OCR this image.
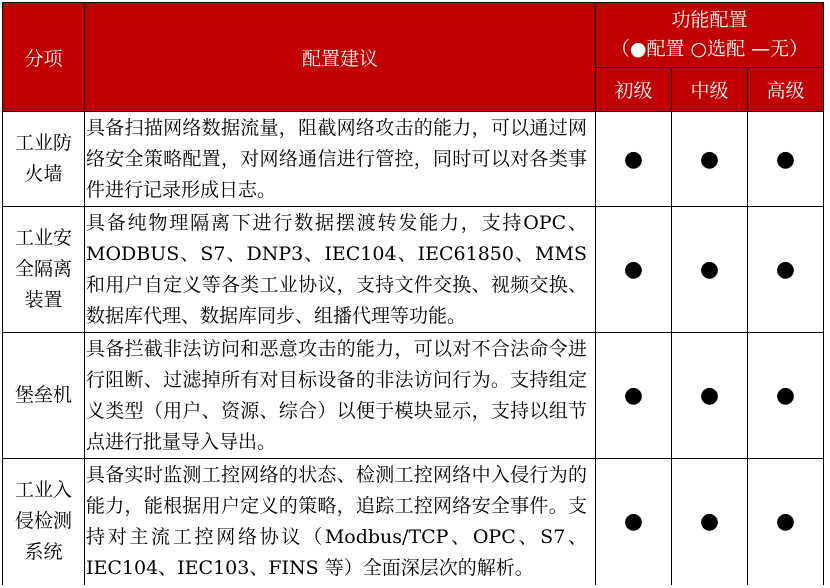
分项	配置建议	功能配置
（●配置 ○选配 —无）		

		初级	中级	高级

工业防火墙	具备扫描网络数据流量，阻截网络攻击的能力，可以通过网络安全策略配置，对网络通信进行管控，同时可以对各类事件进行记录形成日志。	●	●	●

工业安全隔离装置	具备纯物理隔离下进行数据摆渡转发能力，支持OPC、MODBUS、S7、DNP3、IEC104、IEC61850、MMS 和用户自定义等各类工业协议，支持文件交换、视频交换、数据库代理、数据库同步、组播代理等功能。	●	●	●

堡垒机	具备拦截非法访问和恶意攻击的能力，可以对不合法命令进行阻断、过滤掉所有对目标设备的非法访问行为。支持组定义类型（用户、资源、综合）以便于模块显示，支持以组节点进行批量导入导出。	●	●	●

工业入侵检测系统	具备实时监测工控网络的状态、检测工控网络中入侵行为的能力，能根据用户定义的策略，追踪工控网络安全事件。支持对主流工控网络协议（Modbus/TCP、OPC、S7、IEC104、IEC103、FINS 等）全面深层次的解析。	●	●	●
